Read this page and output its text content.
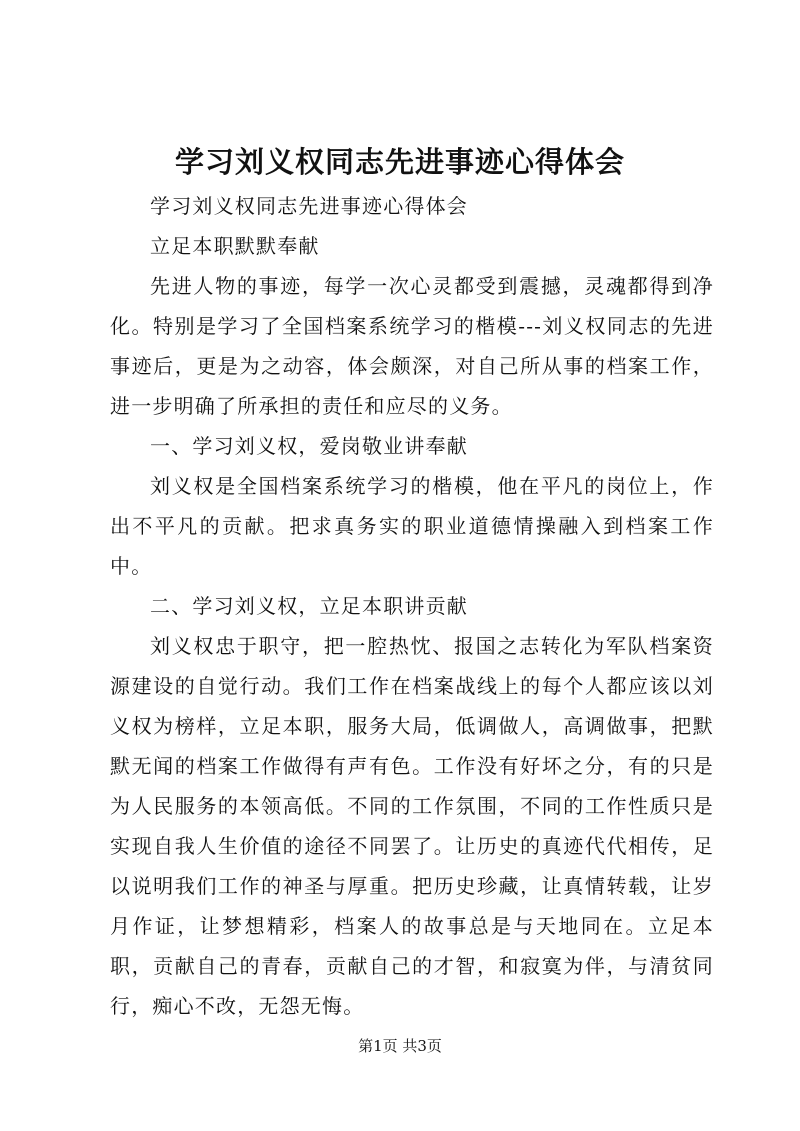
学习刘义权同志先进事迹心得体会

学习刘义权同志先进事迹心得体会

立足本职默默奉献

先进人物的事迹，每学一次心灵都受到震撼，灵魂都得到净化。特别是学习了全国档案系统学习的楷模---刘义权同志的先进事迹后，更是为之动容，体会颇深，对自己所从事的档案工作，进一步明确了所承担的责任和应尽的义务。

一、学习刘义权，爱岗敬业讲奉献

刘义权是全国档案系统学习的楷模，他在平凡的岗位上，作出不平凡的贡献。把求真务实的职业道德情操融入到档案工作中。

二、学习刘义权，立足本职讲贡献

刘义权忠于职守，把一腔热忱、报国之志转化为军队档案资源建设的自觉行动。我们工作在档案战线上的每个人都应该以刘义权为榜样，立足本职，服务大局，低调做人，高调做事，把默默无闻的档案工作做得有声有色。工作没有好坏之分，有的只是为人民服务的本领高低。不同的工作氛围，不同的工作性质只是实现自我人生价值的途径不同罢了。让历史的真迹代代相传，足以说明我们工作的神圣与厚重。把历史珍藏，让真情转载，让岁月作证，让梦想精彩，档案人的故事总是与天地同在。立足本职，贡献自己的青春，贡献自己的才智，和寂寞为伴，与清贫同行，痴心不改，无怨无悔。

第1页 共3页
